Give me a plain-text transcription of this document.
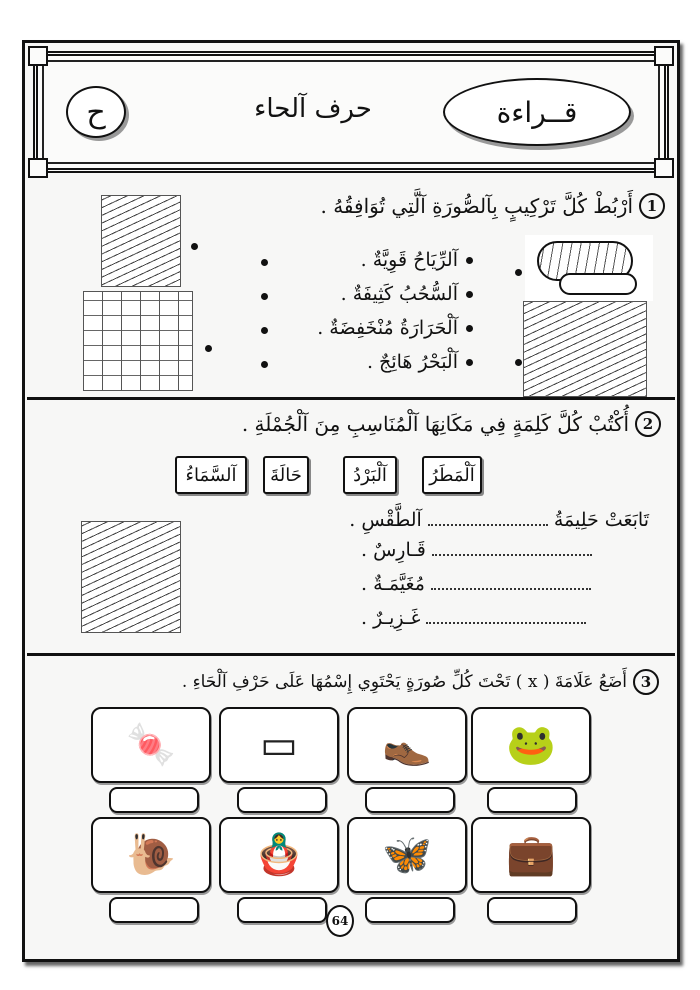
ح	حرف آلحاء	قــراءة
1
أَرْبُطْ كُلَّ تَرْكِيبٍ بِآلصُّورَةِ آلَّتِي تُوَافِقُهُ .
آلرِّيَاحُ قَوِيَّةٌ .
آلسُّحُبُ كَثِيفَةٌ .
آلْحَرَارَةُ مُنْخَفِضَةٌ .
آلْبَحْرُ هَائِجٌ .
2
أُكْتُبْ كُلَّ كَلِمَةٍ فِي مَكَانِهَا آلْمُنَاسِبِ مِنَ آلْجُمْلَةِ .
آلْمَطَرُ
آلْبَرْدُ
حَالَةَ
آلسَّمَاءُ
تَابَعَتْ حَلِيمَةُ
آلطَّقْسِ .
قَـارِسٌ .
مُغَيَّمَـةٌ .
غَـزِيـرٌ .
3
أَضَعُ عَلَامَةَ ( x ) تَحْتَ كُلِّ صُورَةٍ يَحْتَوِي إِسْمُهَا عَلَى حَرْفِ آلْحَاءِ .
🍬 ▭ 👞 🐸
🐌 🪆 🦋 💼
64
